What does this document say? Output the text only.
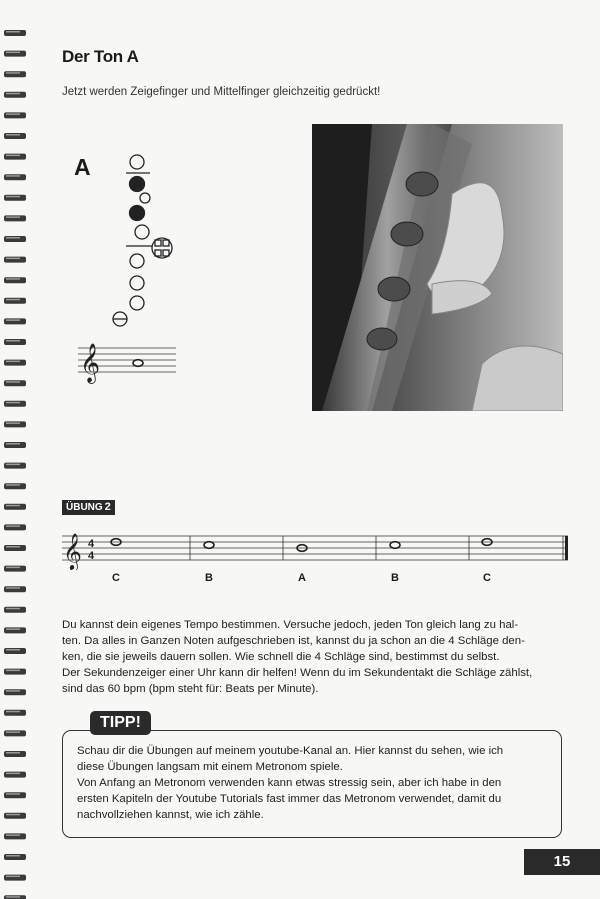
Der Ton A
Jetzt werden Zeigefinger und Mittelfinger gleichzeitig gedrückt!
A
𝄞
ÜBUNG 2
𝄞 4
4
C	B	A	B	C

Du kannst dein eigenes Tempo bestimmen. Versuche jedoch, jeden Ton gleich lang zu hal-

ten. Da alles in Ganzen Noten aufgeschrieben ist, kannst du ja schon an die 4 Schläge den-

ken, die sie jeweils dauern sollen. Wie schnell die 4 Schläge sind, bestimmst du selbst.

Der Sekundenzeiger einer Uhr kann dir helfen! Wenn du im Sekundentakt die Schläge zählst,

sind das 60 bpm (bpm steht für: Beats per Minute).

TIPP!

Schau dir die Übungen auf meinem youtube-Kanal an. Hier kannst du sehen, wie ich

diese Übungen langsam mit einem Metronom spiele.

Von Anfang an Metronom verwenden kann etwas stressig sein, aber ich habe in den

ersten Kapiteln der Youtube Tutorials fast immer das Metronom verwendet, damit du

nachvollziehen kannst, wie ich zähle.

15
